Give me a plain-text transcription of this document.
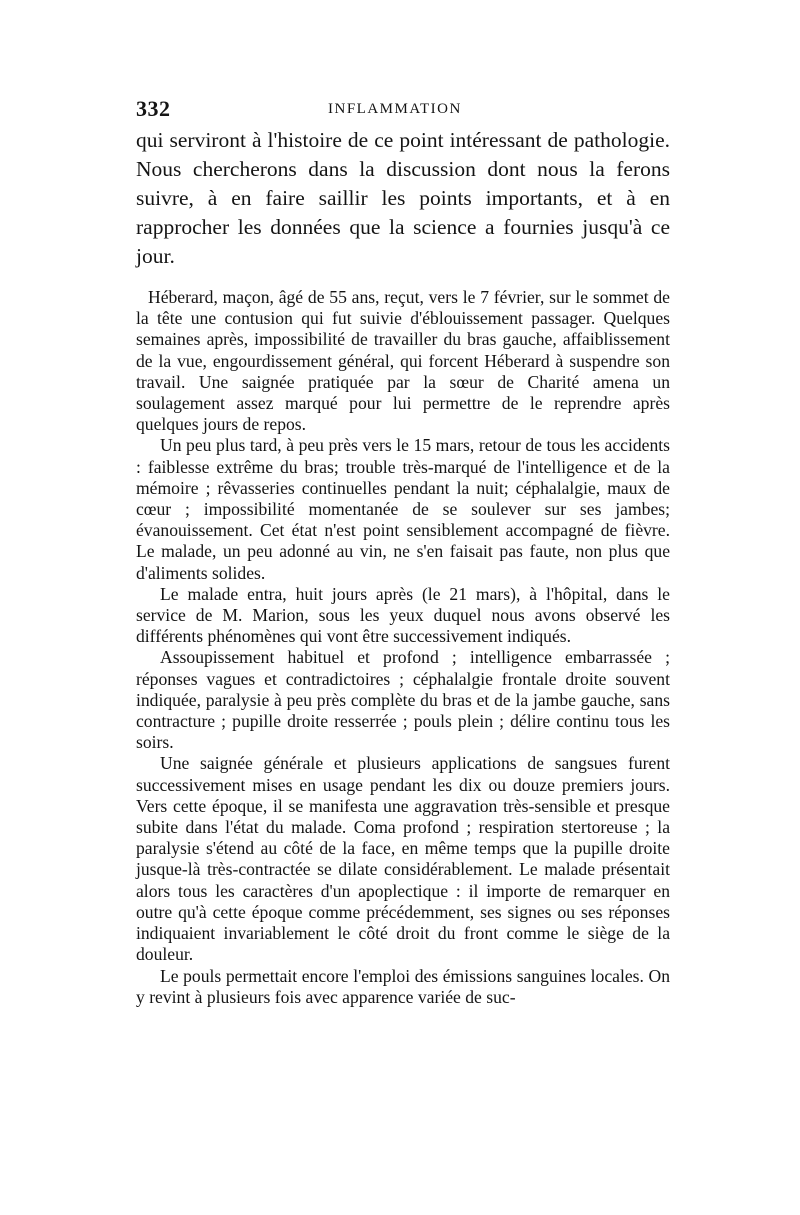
332	INFLAMMATION

qui serviront à l'histoire de ce point intéressant de pathologie. Nous chercherons dans la discussion dont nous la ferons suivre, à en faire saillir les points importants, et à en rapprocher les données que la science a fournies jusqu'à ce jour.

Héberard, maçon, âgé de 55 ans, reçut, vers le 7 février, sur le sommet de la tête une contusion qui fut suivie d'éblouissement passager. Quelques semaines après, impossibilité de travailler du bras gauche, affaiblissement de la vue, engourdissement général, qui forcent Héberard à suspendre son travail. Une saignée pratiquée par la sœur de Charité amena un soulagement assez marqué pour lui permettre de le reprendre après quelques jours de repos.

Un peu plus tard, à peu près vers le 15 mars, retour de tous les accidents : faiblesse extrême du bras; trouble très-marqué de l'intelligence et de la mémoire ; rêvasseries continuelles pendant la nuit; céphalalgie, maux de cœur ; impossibilité momentanée de se soulever sur ses jambes; évanouissement. Cet état n'est point sensiblement accompagné de fièvre. Le malade, un peu adonné au vin, ne s'en faisait pas faute, non plus que d'aliments solides.

Le malade entra, huit jours après (le 21 mars), à l'hôpital, dans le service de M. Marion, sous les yeux duquel nous avons observé les différents phénomènes qui vont être successivement indiqués.

Assoupissement habituel et profond ; intelligence embarrassée ; réponses vagues et contradictoires ; céphalalgie frontale droite souvent indiquée, paralysie à peu près complète du bras et de la jambe gauche, sans contracture ; pupille droite resserrée ; pouls plein ; délire continu tous les soirs.

Une saignée générale et plusieurs applications de sangsues furent successivement mises en usage pendant les dix ou douze premiers jours. Vers cette époque, il se manifesta une aggravation très-sensible et presque subite dans l'état du malade. Coma profond ; respiration stertoreuse ; la paralysie s'étend au côté de la face, en même temps que la pupille droite jusque-là très-contractée se dilate considérablement. Le malade présentait alors tous les caractères d'un apoplectique : il importe de remarquer en outre qu'à cette époque comme précédemment, ses signes ou ses réponses indiquaient invariablement le côté droit du front comme le siège de la douleur.

Le pouls permettait encore l'emploi des émissions sanguines locales. On y revint à plusieurs fois avec apparence variée de suc-
